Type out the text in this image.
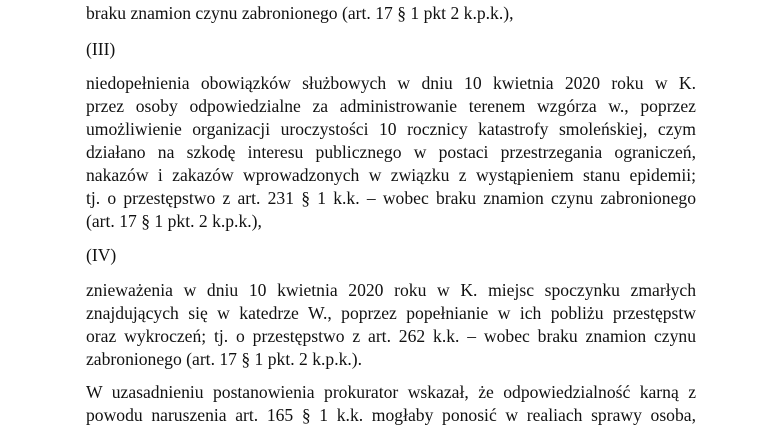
braku znamion czynu zabronionego (art. 17 § 1 pkt 2 k.p.k.),
(III)
niedopełnienia obowiązków służbowych w dniu 10 kwietnia 2020 roku w K.
przez osoby odpowiedzialne za administrowanie terenem wzgórza w., poprzez
umożliwienie organizacji uroczystości 10 rocznicy katastrofy smoleńskiej, czym
działano na szkodę interesu publicznego w postaci przestrzegania ograniczeń,
nakazów i zakazów wprowadzonych w związku z wystąpieniem stanu epidemii;
tj. o przestępstwo z art. 231 § 1 k.k. – wobec braku znamion czynu zabronionego
(art. 17 § 1 pkt. 2 k.p.k.),
(IV)
znieważenia w dniu 10 kwietnia 2020 roku w K. miejsc spoczynku zmarłych
znajdujących się w katedrze W., poprzez popełnianie w ich pobliżu przestępstw
oraz wykroczeń; tj. o przestępstwo z art. 262 k.k. – wobec braku znamion czynu
zabronionego (art. 17 § 1 pkt. 2 k.p.k.).
W uzasadnieniu postanowienia prokurator wskazał, że odpowiedzialność karną z
powodu naruszenia art. 165 § 1 k.k. mogłaby ponosić w realiach sprawy osoba,
